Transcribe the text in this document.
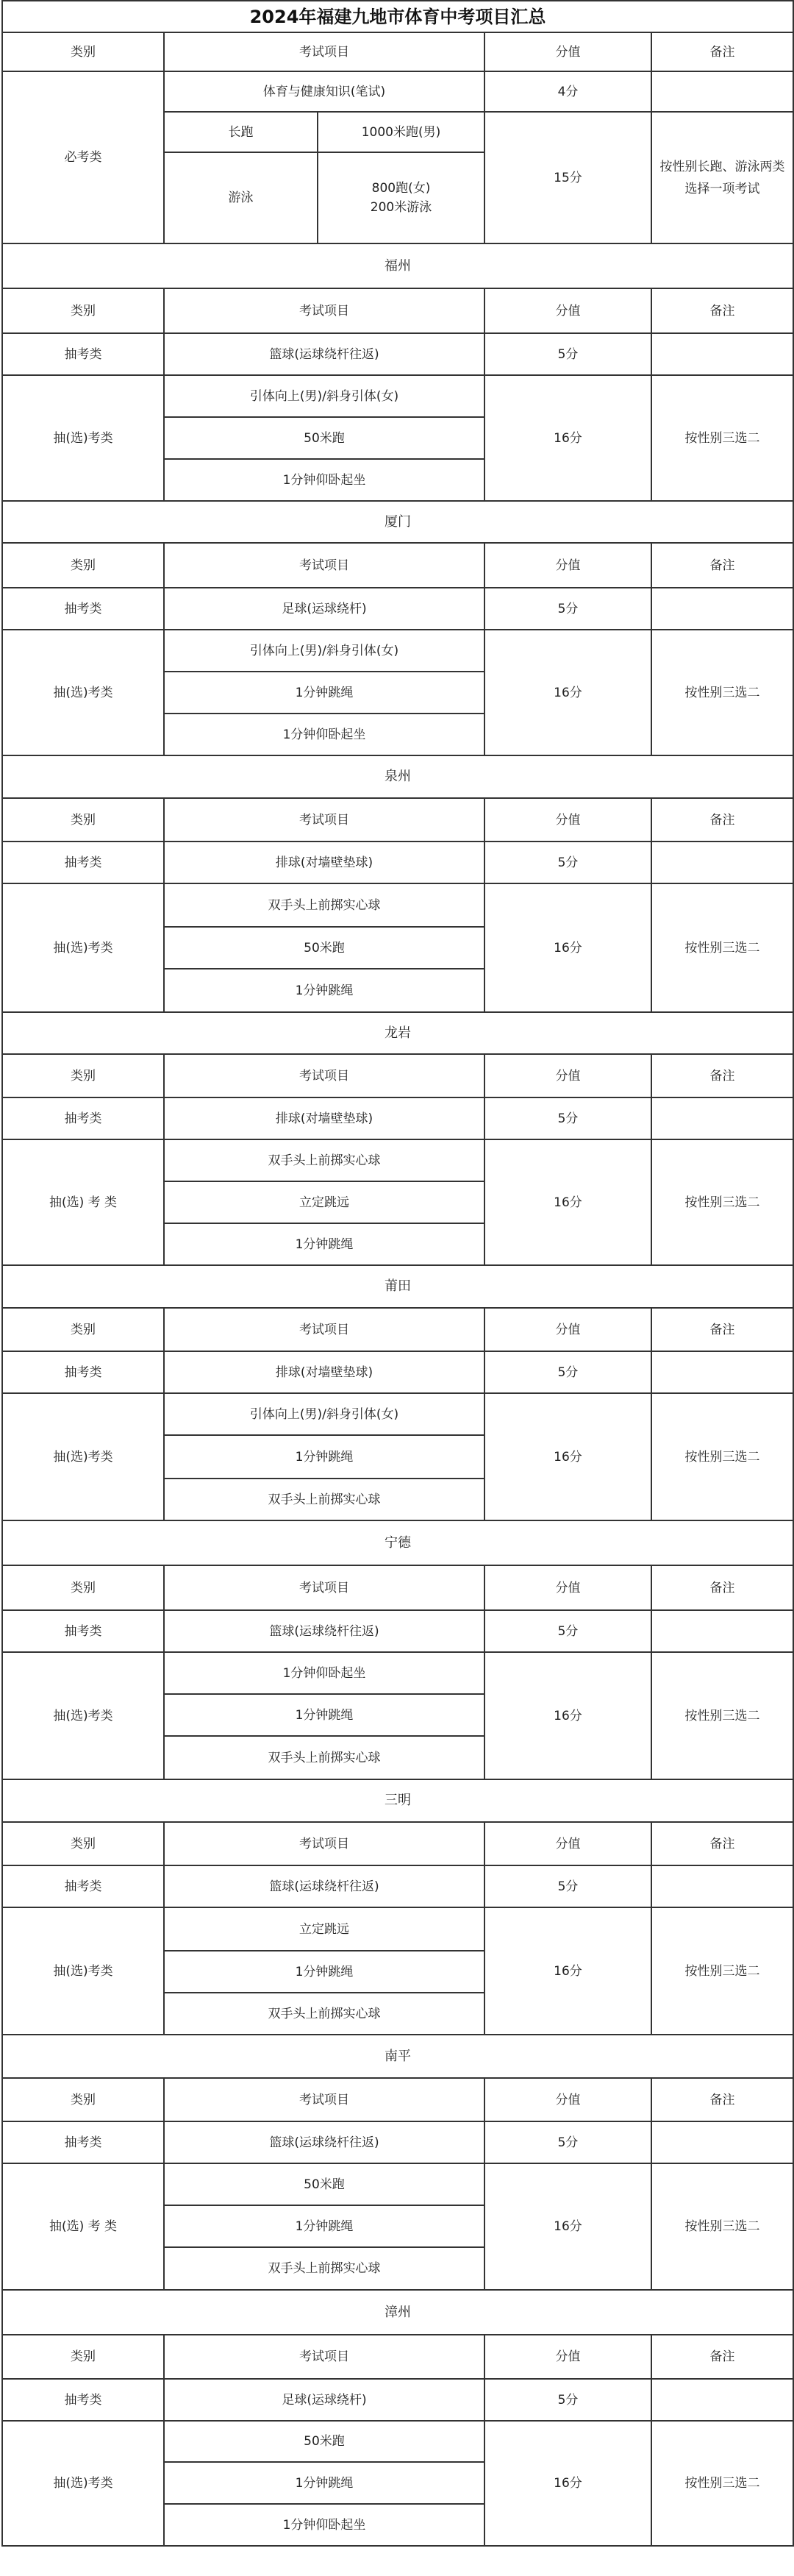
2024年福建九地市体育中考项目汇总				
类别	考试项目		分值	备注
必考类	体育与健康知识(笔试)		4分	
	长跑	1000米跑(男)	15分	按性别长跑、游泳两类
选择一项考试

	游泳	800跑(女)
200米游泳		

福州				
类别	考试项目		分值	备注
抽考类	篮球(运球绕杆往返)		5分	
抽(选)考类	引体向上(男)/斜身引体(女)		16分	按性别三选二
	50米跑			
	1分钟仰卧起坐			
厦门				
类别	考试项目		分值	备注
抽考类	足球(运球绕杆)		5分	
抽(选)考类	引体向上(男)/斜身引体(女)		16分	按性别三选二
	1分钟跳绳			
	1分钟仰卧起坐			
泉州				
类别	考试项目		分值	备注
抽考类	排球(对墙壁垫球)		5分	
抽(选)考类	双手头上前掷实心球		16分	按性别三选二
	50米跑			
	1分钟跳绳			
龙岩				
类别	考试项目		分值	备注
抽考类	排球(对墙壁垫球)		5分	
抽(选) 考 类	双手头上前掷实心球		16分	按性别三选二
	立定跳远			
	1分钟跳绳			
莆田				
类别	考试项目		分值	备注
抽考类	排球(对墙壁垫球)		5分	
抽(选)考类	引体向上(男)/斜身引体(女)		16分	按性别三选二
	1分钟跳绳			
	双手头上前掷实心球			
宁德				
类别	考试项目		分值	备注
抽考类	篮球(运球绕杆往返)		5分	
抽(选)考类	1分钟仰卧起坐		16分	按性别三选二
	1分钟跳绳			
	双手头上前掷实心球			
三明				
类别	考试项目		分值	备注
抽考类	篮球(运球绕杆往返)		5分	
抽(选)考类	立定跳远		16分	按性别三选二
	1分钟跳绳			
	双手头上前掷实心球			
南平				
类别	考试项目		分值	备注
抽考类	篮球(运球绕杆往返)		5分	
抽(选) 考 类	50米跑		16分	按性别三选二
	1分钟跳绳			
	双手头上前掷实心球			
漳州				
类别	考试项目		分值	备注
抽考类	足球(运球绕杆)		5分	
抽(选)考类	50米跑		16分	按性别三选二
	1分钟跳绳			
	1分钟仰卧起坐			
